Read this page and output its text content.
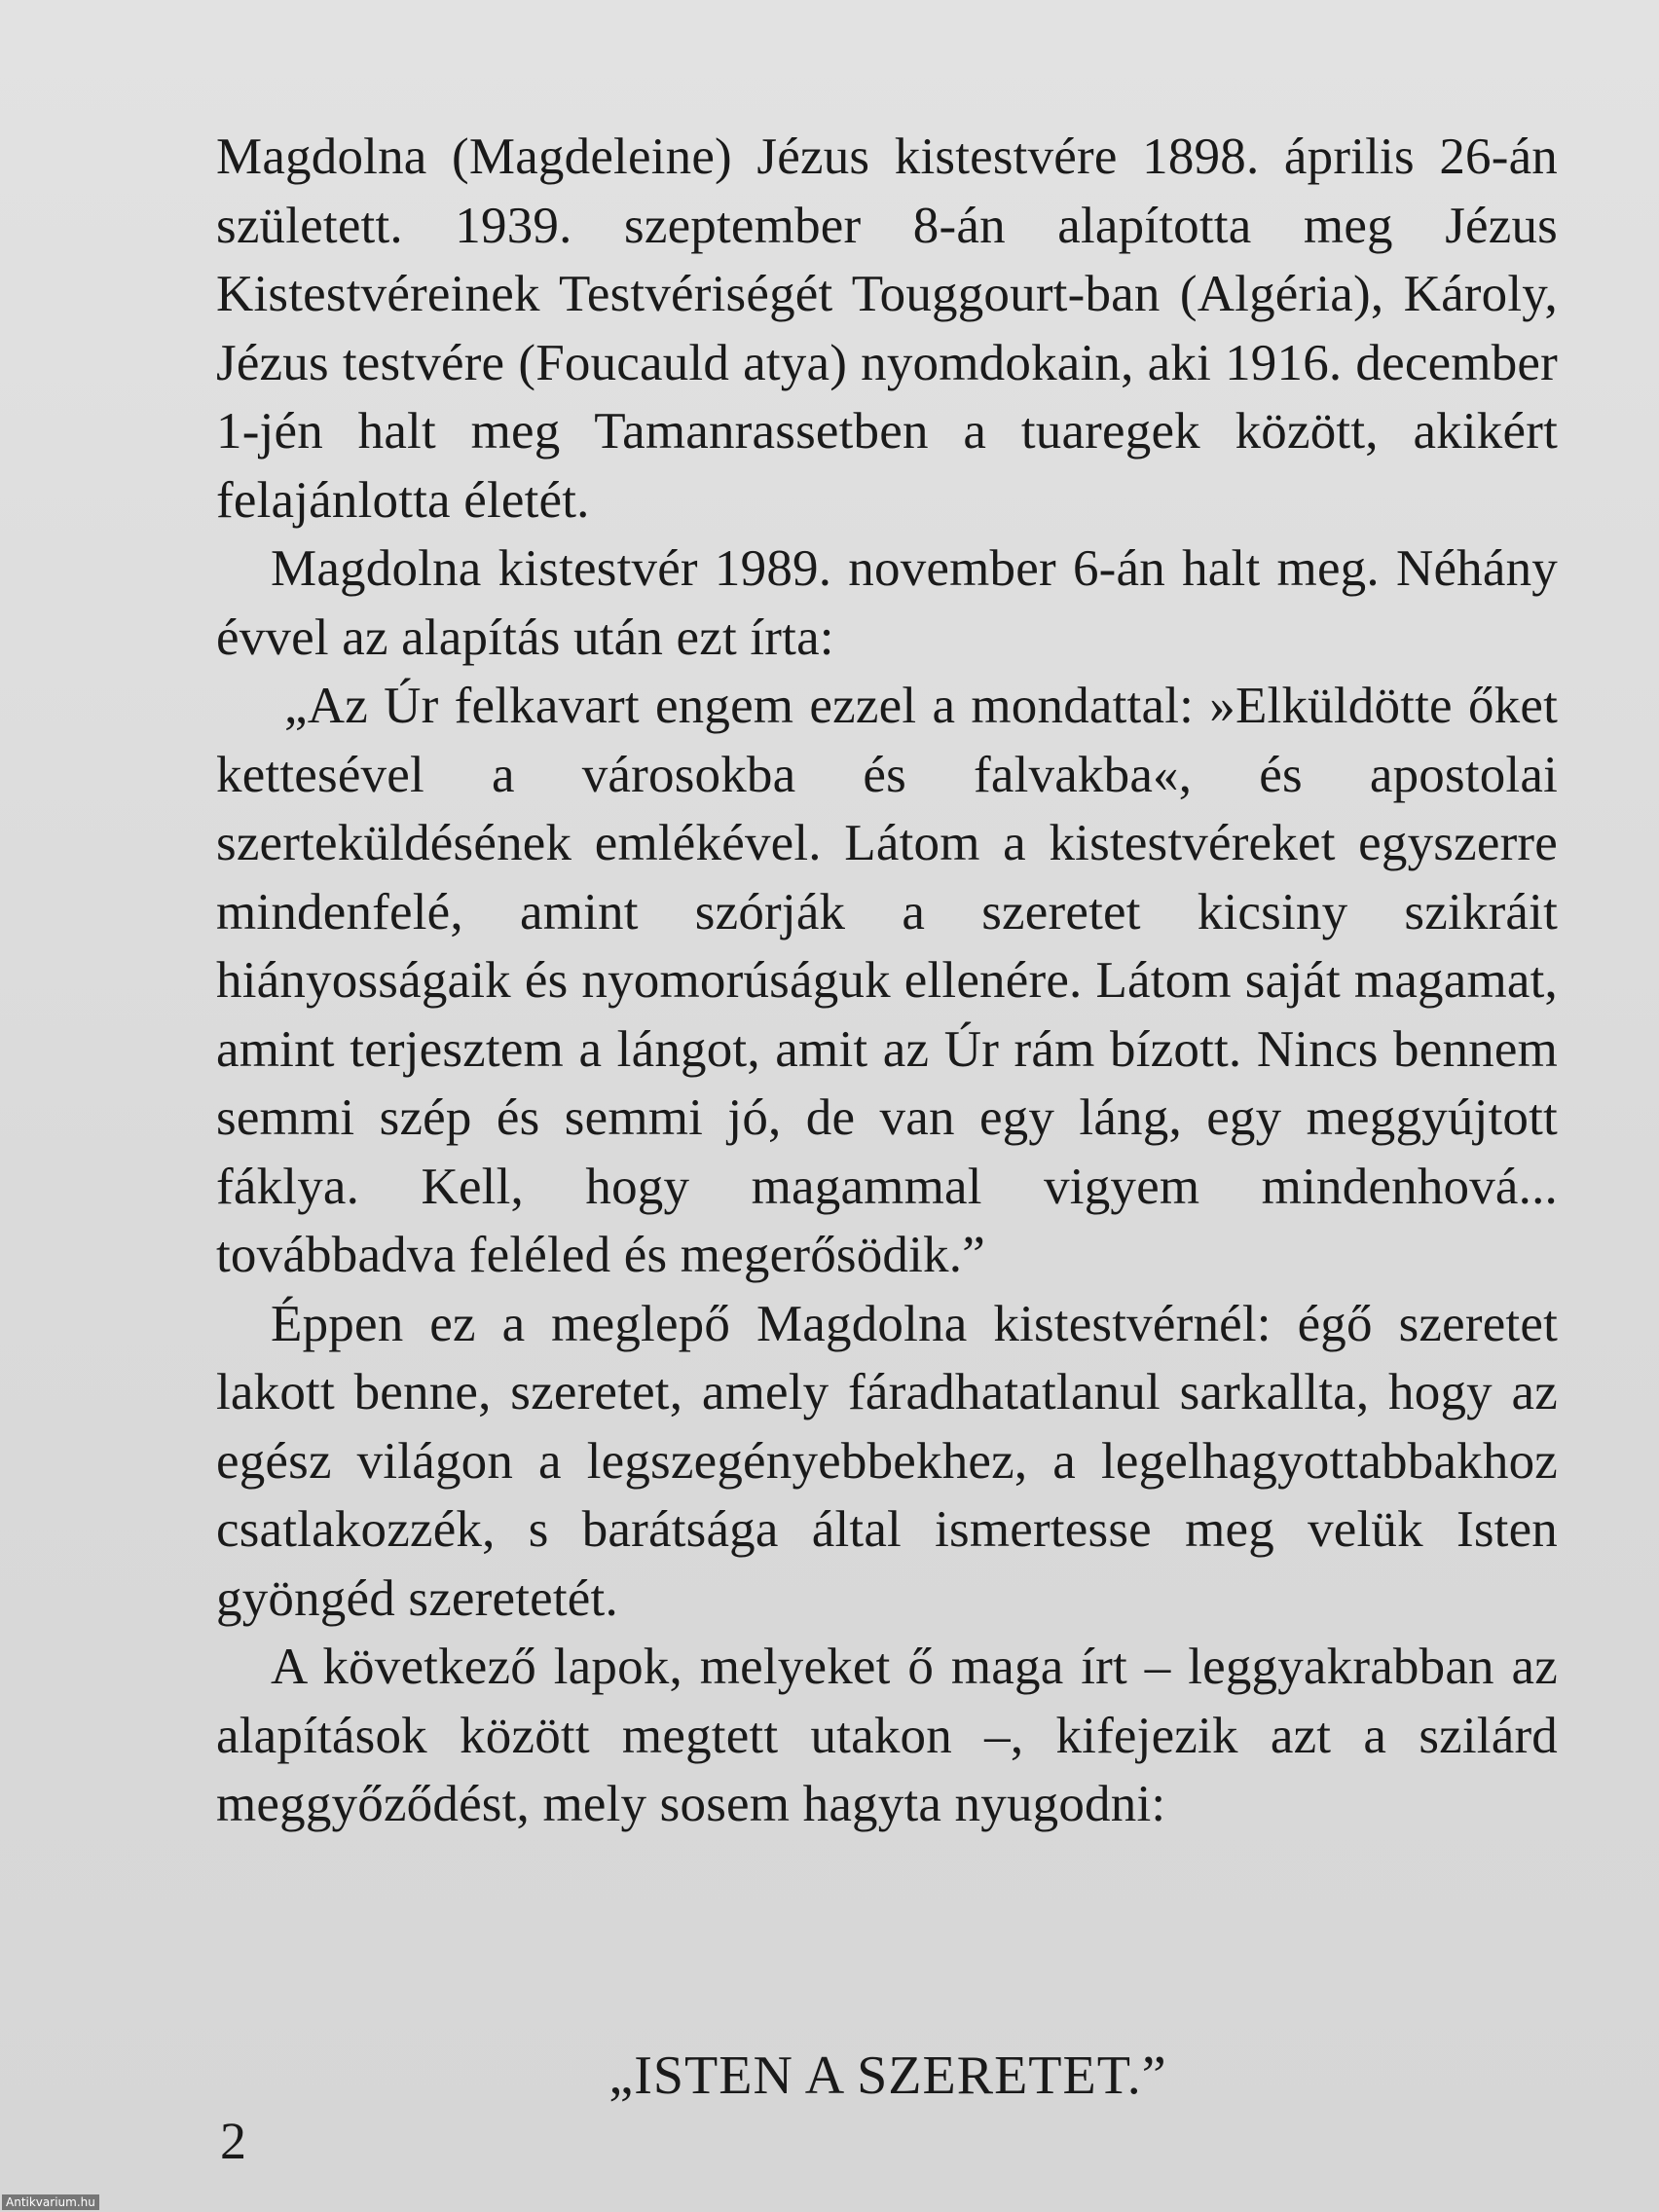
Magdolna (Magdeleine) Jézus kistestvére 1898. április 26-án született. 1939. szeptember 8-án alapította meg Jézus Kistestvéreinek Testvériségét Touggourt-ban (Algéria), Károly, Jézus testvére (Foucauld atya) nyomdokain, aki 1916. december 1-jén halt meg Tamanrassetben a tuaregek között, akikért felajánlotta életét.

Magdolna kistestvér 1989. november 6-án halt meg. Néhány évvel az alapítás után ezt írta:

„Az Úr felkavart engem ezzel a mondattal: »Elküldötte őket kettesével a városokba és falvakba«, és apostolai szerteküldésének emlékével. Látom a kistestvéreket egyszerre mindenfelé, amint szórják a szeretet kicsiny szikráit hiányosságaik és nyomorúságuk ellenére. Látom saját magamat, amint terjesztem a lángot, amit az Úr rám bízott. Nincs bennem semmi szép és semmi jó, de van egy láng, egy meggyújtott fáklya. Kell, hogy magammal vigyem mindenhová... továbbadva feléled és megerősödik.”

Éppen ez a meglepő Magdolna kistestvérnél: égő szeretet lakott benne, szeretet, amely fáradhatatlanul sarkallta, hogy az egész világon a legszegényebbekhez, a legelhagyottabbakhoz csatlakozzék, s barátsága által ismertesse meg velük Isten gyöngéd szeretetét.

A következő lapok, melyeket ő maga írt – leggyakrabban az alapítások között megtett utakon –, kifejezik azt a szilárd meggyőződést, mely sosem hagyta nyugodni:

„ISTEN A SZERETET.”
2
Antikvarium.hu
